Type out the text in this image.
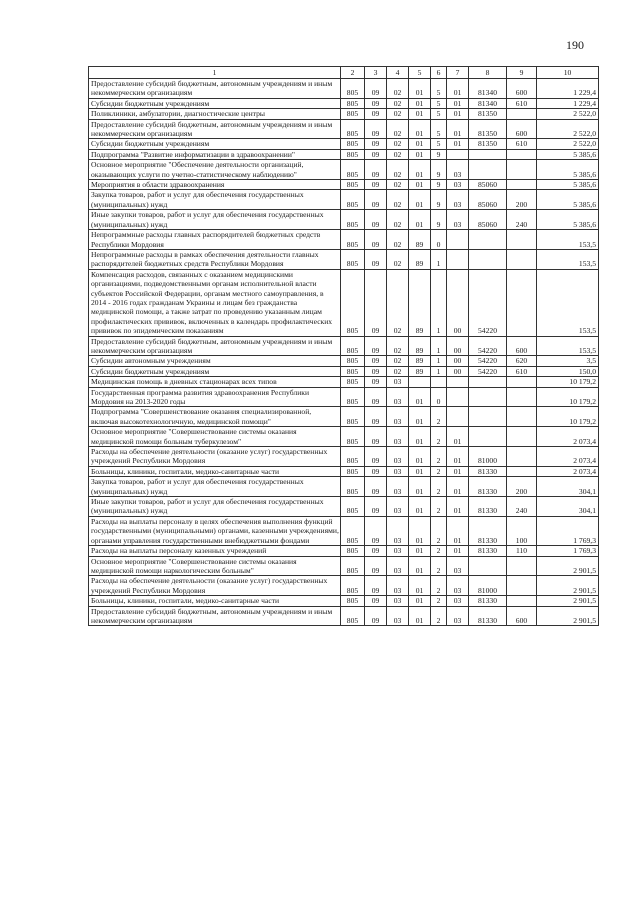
190
1	2	3	4	5	6	7	8	9	10
Предоставление субсидий бюджетным, автономным учреждениям и иным некоммерческим организациям	805	09	02	01	5	01	81340	600	1 229,4
Субсидии бюджетным учреждениям	805	09	02	01	5	01	81340	610	1 229,4
Поликлиники, амбулатории, диагностические центры	805	09	02	01	5	01	81350		2 522,0
Предоставление субсидий бюджетным, автономным учреждениям и иным некоммерческим организациям	805	09	02	01	5	01	81350	600	2 522,0
Субсидии бюджетным учреждениям	805	09	02	01	5	01	81350	610	2 522,0
Подпрограмма "Развитие информатизации в здравоохранении"	805	09	02	01	9				5 385,6
Основное мероприятие "Обеспечение деятельности организаций, оказывающих услуги по учетно-статистическому наблюдению"	805	09	02	01	9	03			5 385,6
Мероприятия в области здравоохранения	805	09	02	01	9	03	85060		5 385,6
Закупка товаров, работ и услуг для обеспечения государственных (муниципальных) нужд	805	09	02	01	9	03	85060	200	5 385,6
Иные закупки товаров, работ и услуг для обеспечения государственных (муниципальных) нужд	805	09	02	01	9	03	85060	240	5 385,6
Непрограммные расходы главных распорядителей бюджетных средств Республики Мордовия	805	09	02	89	0				153,5
Непрограммные расходы в рамках обеспечения деятельности главных распорядителей бюджетных средств Республики Мордовия	805	09	02	89	1				153,5
Компенсация расходов, связанных с оказанием медицинскими организациями, подведомственными органам исполнительной власти субъектов Российской Федерации, органам местного самоуправления, в 2014 - 2016 годах гражданам Украины и лицам без гражданства медицинской помощи, а также затрат по проведению указанным лицам профилактических прививок, включенных в календарь профилактических прививок по эпидемическим показаниям	805	09	02	89	1	00	54220		153,5
Предоставление субсидий бюджетным, автономным учреждениям и иным некоммерческим организациям	805	09	02	89	1	00	54220	600	153,5
Субсидии автономным учреждениям	805	09	02	89	1	00	54220	620	3,5
Субсидии бюджетным учреждениям	805	09	02	89	1	00	54220	610	150,0
Медицинская помощь в дневных стационарах всех типов	805	09	03						10 179,2
Государственная программа развития здравоохранения Республики Мордовия на 2013-2020 годы	805	09	03	01	0				10 179,2
Подпрограмма "Совершенствование оказания специализированной, включая высокотехнологичную, медицинской помощи"	805	09	03	01	2				10 179,2
Основное мероприятие "Совершенствование системы оказания медицинской помощи больным туберкулезом"	805	09	03	01	2	01			2 073,4
Расходы на обеспечение деятельности (оказание услуг) государственных учреждений Республики Мордовия	805	09	03	01	2	01	81000		2 073,4
Больницы, клиники, госпитали, медико-санитарные части	805	09	03	01	2	01	81330		2 073,4
Закупка товаров, работ и услуг для обеспечения государственных (муниципальных) нужд	805	09	03	01	2	01	81330	200	304,1
Иные закупки товаров, работ и услуг для обеспечения государственных (муниципальных) нужд	805	09	03	01	2	01	81330	240	304,1
Расходы на выплаты персоналу в целях обеспечения выполнения функций государственными (муниципальными) органами, казенными учреждениями, органами управления государственными внебюджетными фондами	805	09	03	01	2	01	81330	100	1 769,3
Расходы на выплаты персоналу казенных учреждений	805	09	03	01	2	01	81330	110	1 769,3
Основное мероприятие "Совершенствование системы оказания медицинской помощи наркологическим больным"	805	09	03	01	2	03			2 901,5
Расходы на обеспечение деятельности (оказание услуг) государственных учреждений Республики Мордовия	805	09	03	01	2	03	81000		2 901,5
Больницы, клиники, госпитали, медико-санитарные части	805	09	03	01	2	03	81330		2 901,5
Предоставление субсидий бюджетным, автономным учреждениям и иным некоммерческим организациям	805	09	03	01	2	03	81330	600	2 901,5
